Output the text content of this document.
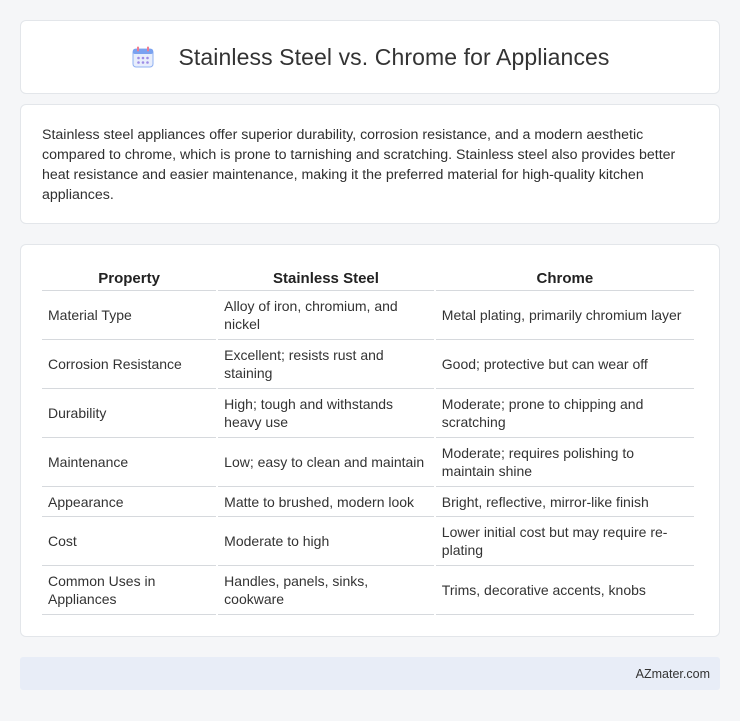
Stainless Steel vs. Chrome for Appliances

Stainless steel appliances offer superior durability, corrosion resistance, and a modern aesthetic compared to chrome, which is prone to tarnishing and scratching. Stainless steel also provides better heat resistance and easier maintenance, making it the preferred material for high-quality kitchen appliances.

Property	Stainless Steel	Chrome
Material Type	Alloy of iron, chromium, and nickel	Metal plating, primarily chromium layer
Corrosion Resistance	Excellent; resists rust and staining	Good; protective but can wear off
Durability	High; tough and withstands heavy use	Moderate; prone to chipping and scratching
Maintenance	Low; easy to clean and maintain	Moderate; requires polishing to maintain shine
Appearance	Matte to brushed, modern look	Bright, reflective, mirror-like finish
Cost	Moderate to high	Lower initial cost but may require re-plating
Common Uses in Appliances	Handles, panels, sinks, cookware	Trims, decorative accents, knobs
AZmater.com
